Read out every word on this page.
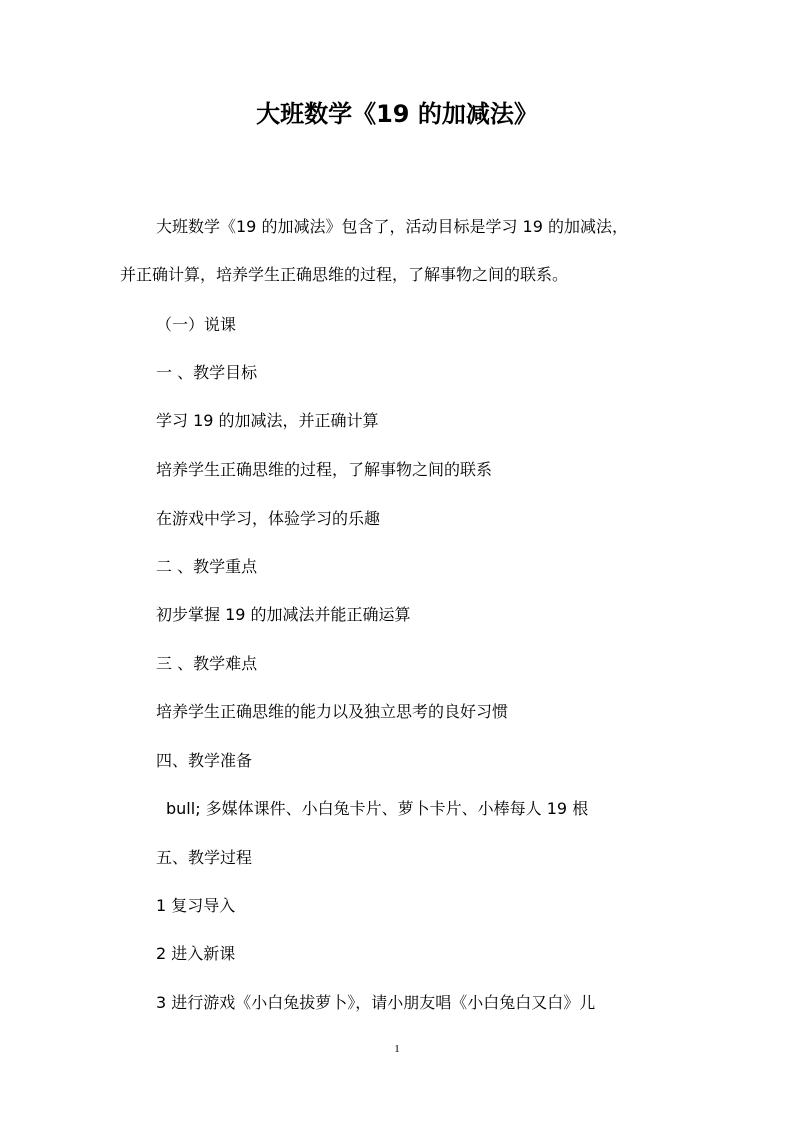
大班数学《19 的加减法》

大班数学《19 的加减法》包含了，活动目标是学习 19 的加减法，

并正确计算，培养学生正确思维的过程，了解事物之间的联系。

（一）说课

一 、教学目标

学习 19 的加减法，并正确计算

培养学生正确思维的过程，了解事物之间的联系

在游戏中学习，体验学习的乐趣

二 、教学重点

初步掌握 19 的加减法并能正确运算

三 、教学难点

培养学生正确思维的能力以及独立思考的良好习惯

四、教学准备

bull; 多媒体课件、小白兔卡片、萝卜卡片、小棒每人 19 根

五、教学过程

1 复习导入

2 进入新课

3 进行游戏《小白兔拔萝卜》，请小朋友唱《小白兔白又白》儿

1
